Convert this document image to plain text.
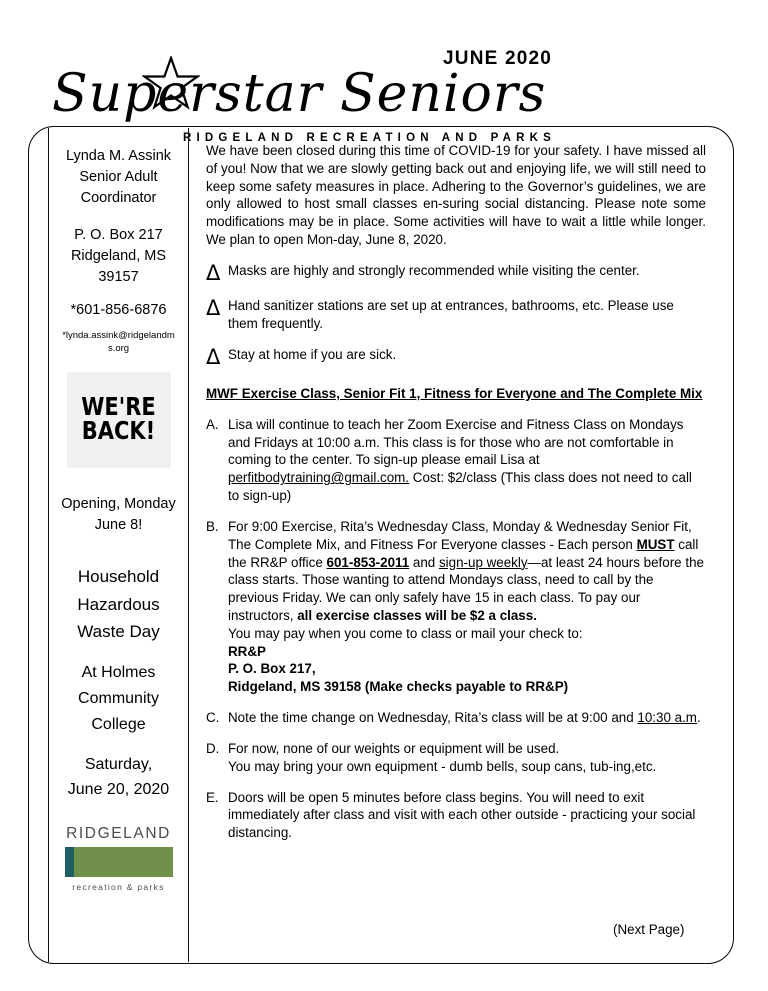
Superstar Seniors
JUNE 2020
RIDGELAND RECREATION AND PARKS
Lynda M. Assink
Senior Adult
Coordinator
P. O. Box 217
Ridgeland, MS
39157
*601-856-6876
*lynda.assink@ridgelandms.org
WE'RE
BACK!
Opening, Monday
June 8!
Household
Hazardous
Waste Day
At Holmes
Community
College
Saturday,
June 20, 2020
RIDGELAND
recreation & parks

We have been closed during this time of COVID-19 for your safety. I have missed all of you! Now that we are slowly getting back out and enjoying life, we will still need to keep some safety measures in place. Adhering to the Governor’s guidelines, we are only allowed to host small classes en-suring social distancing. Please note some modifications may be in place. Some activities will have to wait a little while longer. We plan to open Mon-day, June 8, 2020.

Δ Masks are highly and strongly recommended while visiting the center.
Δ Hand sanitizer stations are set up at entrances, bathrooms, etc. Please use them frequently.
Δ Stay at home if you are sick.
MWF Exercise Class, Senior Fit 1, Fitness for Everyone and The Complete Mix
A. Lisa will continue to teach her Zoom Exercise and Fitness Class on Mondays and Fridays at 10:00 a.m. This class is for those who are not comfortable in coming to the center. To sign-up please email Lisa at perfitbodytraining@gmail.com. Cost: $2/class (This class does not need to call to sign-up)
B. For 9:00 Exercise, Rita’s Wednesday Class, Monday & Wednesday Senior Fit, The Complete Mix, and Fitness For Everyone classes - Each person MUST call the RR&P office 601-853-2011 and sign-up weekly—at least 24 hours before the class starts. Those wanting to attend Mondays class, need to call by the previous Friday. We can only safely have 15 in each class. To pay our instructors, all exercise classes will be $2 a class.
You may pay when you come to class or mail your check to:
RR&P
P. O. Box 217,
Ridgeland, MS 39158 (Make checks payable to RR&P)
C. Note the time change on Wednesday, Rita’s class will be at 9:00 and 10:30 a.m.
D. For now, none of our weights or equipment will be used.
You may bring your own equipment - dumb bells, soup cans, tub-ing,etc.
E. Doors will be open 5 minutes before class begins. You will need to exit immediately after class and visit with each other outside - practicing your social distancing.
(Next Page)
